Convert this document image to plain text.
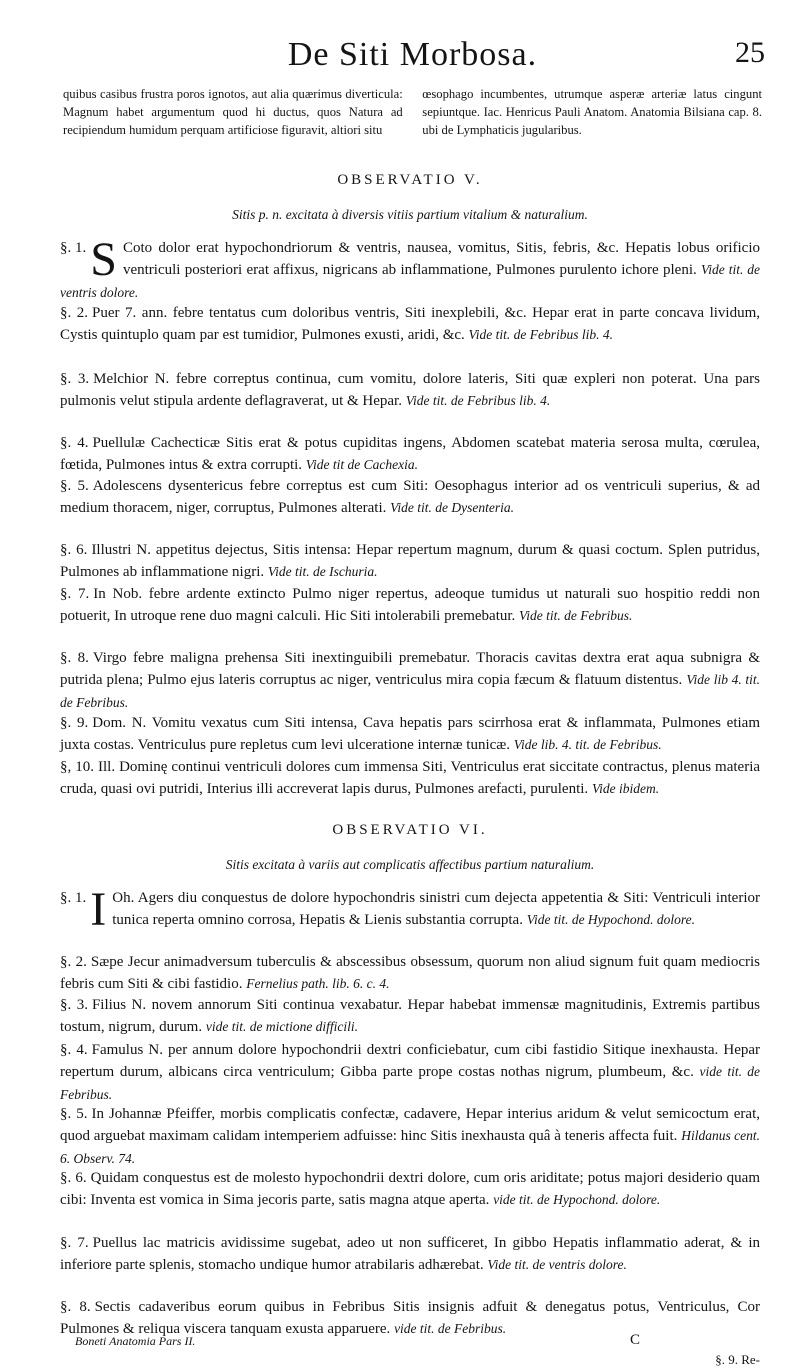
De Siti Morbosa.	25
quibus casibus frustra poros ignotos, aut alia quærimus diverticula: Magnum habet argumentum quod hi ductus, quos Natura ad recipiendum humidum perquam artificiose figuravit, altiori situ
œsophago incumbentes, utrumque asperæ arteriæ latus cingunt sepiuntque. Iac. Henricus Pauli Anatom. Anatomia Bilsiana cap. 8. ubi de Lymphaticis jugularibus.
OBSERVATIO V.
Sitis p. n. excitata à diversis vitiis partium vitalium & naturalium.
§. 1. S Coto dolor erat hypochondriorum & ventris, nausea, vomitus, Sitis, febris, &c. Hepatis lobus orificio ventriculi posteriori erat affixus, nigricans ab inflammatione, Pulmones purulento ichore pleni. Vide tit. de ventris dolore.
§. 2. Puer 7. ann. febre tentatus cum doloribus ventris, Siti inexplebili, &c. Hepar erat in parte concava lividum, Cystis quintuplo quam par est tumidior, Pulmones exusti, aridi, &c. Vide tit. de Febribus lib. 4.
§. 3. Melchior N. febre correptus continua, cum vomitu, dolore lateris, Siti quæ expleri non poterat. Una pars pulmonis velut stipula ardente deflagraverat, ut & Hepar. Vide tit. de Febribus lib. 4.
§. 4. Puellulæ Cachecticæ Sitis erat & potus cupiditas ingens, Abdomen scatebat materia serosa multa, cœrulea, fœtida, Pulmones intus & extra corrupti. Vide tit de Cachexia.
§. 5. Adolescens dysentericus febre correptus est cum Siti: Oesophagus interior ad os ventriculi superius, & ad medium thoracem, niger, corruptus, Pulmones alterati. Vide tit. de Dysenteria.
§. 6. Illustri N. appetitus dejectus, Sitis intensa: Hepar repertum magnum, durum & quasi coctum. Splen putridus, Pulmones ab inflammatione nigri. Vide tit. de Ischuria.
§. 7. In Nob. febre ardente extincto Pulmo niger repertus, adeoque tumidus ut naturali suo hospitio reddi non potuerit, In utroque rene duo magni calculi. Hic Siti intolerabili premebatur. Vide tit. de Febribus.
§. 8. Virgo febre maligna prehensa Siti inextinguibili premebatur. Thoracis cavitas dextra erat aqua subnigra & putrida plena; Pulmo ejus lateris corruptus ac niger, ventriculus mira copia fæcum & flatuum distentus. Vide lib 4. tit. de Febribus.
§. 9. Dom. N. Vomitu vexatus cum Siti intensa, Cava hepatis pars scirrhosa erat & inflammata, Pulmones etiam juxta costas. Ventriculus pure repletus cum levi ulceratione internæ tunicæ. Vide lib. 4. tit. de Febribus.
§, 10. Ill. Dominę continui ventriculi dolores cum immensa Siti, Ventriculus erat siccitate contractus, plenus materia cruda, quasi ovi putridi, Interius illi accreverat lapis durus, Pulmones arefacti, purulenti. Vide ibidem.
OBSERVATIO VI.
Sitis excitata à variis aut complicatis affectibus partium naturalium.
§. 1. I Oh. Agers diu conquestus de dolore hypochondris sinistri cum dejecta appetentia & Siti: Ventriculi interior tunica reperta omnino corrosa, Hepatis & Lienis substantia corrupta. Vide tit. de Hypochond. dolore.
§. 2. Sæpe Jecur animadversum tuberculis & abscessibus obsessum, quorum non aliud signum fuit quam mediocris febris cum Siti & cibi fastidio. Fernelius path. lib. 6. c. 4.
§. 3. Filius N. novem annorum Siti continua vexabatur. Hepar habebat immensæ magnitudinis, Extremis partibus tostum, nigrum, durum. vide tit. de mictione difficili.
§. 4. Famulus N. per annum dolore hypochondrii dextri conficiebatur, cum cibi fastidio Sitique inexhausta. Hepar repertum durum, albicans circa ventriculum; Gibba parte prope costas nothas nigrum, plumbeum, &c. vide tit. de Febribus.
§. 5. In Johannæ Pfeiffer, morbis complicatis confectæ, cadavere, Hepar interius aridum & velut semicoctum erat, quod arguebat maximam calidam intemperiem adfuisse: hinc Sitis inexhausta quâ à teneris affecta fuit. Hildanus cent. 6. Observ. 74.
§. 6. Quidam conquestus est de molesto hypochondrii dextri dolore, cum oris ariditate; potus majori desiderio quam cibi: Inventa est vomica in Sima jecoris parte, satis magna atque aperta. vide tit. de Hypochond. dolore.
§. 7. Puellus lac matricis avidissime sugebat, adeo ut non sufficeret, In gibbo Hepatis inflammatio aderat, & in inferiore parte splenis, stomacho undique humor atrabilaris adhærebat. Vide tit. de ventris dolore.
§. 8. Sectis cadaveribus eorum quibus in Febribus Sitis insignis adfuit & denegatus potus, Ventriculus, Cor Pulmones & reliqua viscera tanquam exusta apparuere. vide tit. de Febribus.
Boneti Anatomia Pars II.	C
§. 9. Re-
